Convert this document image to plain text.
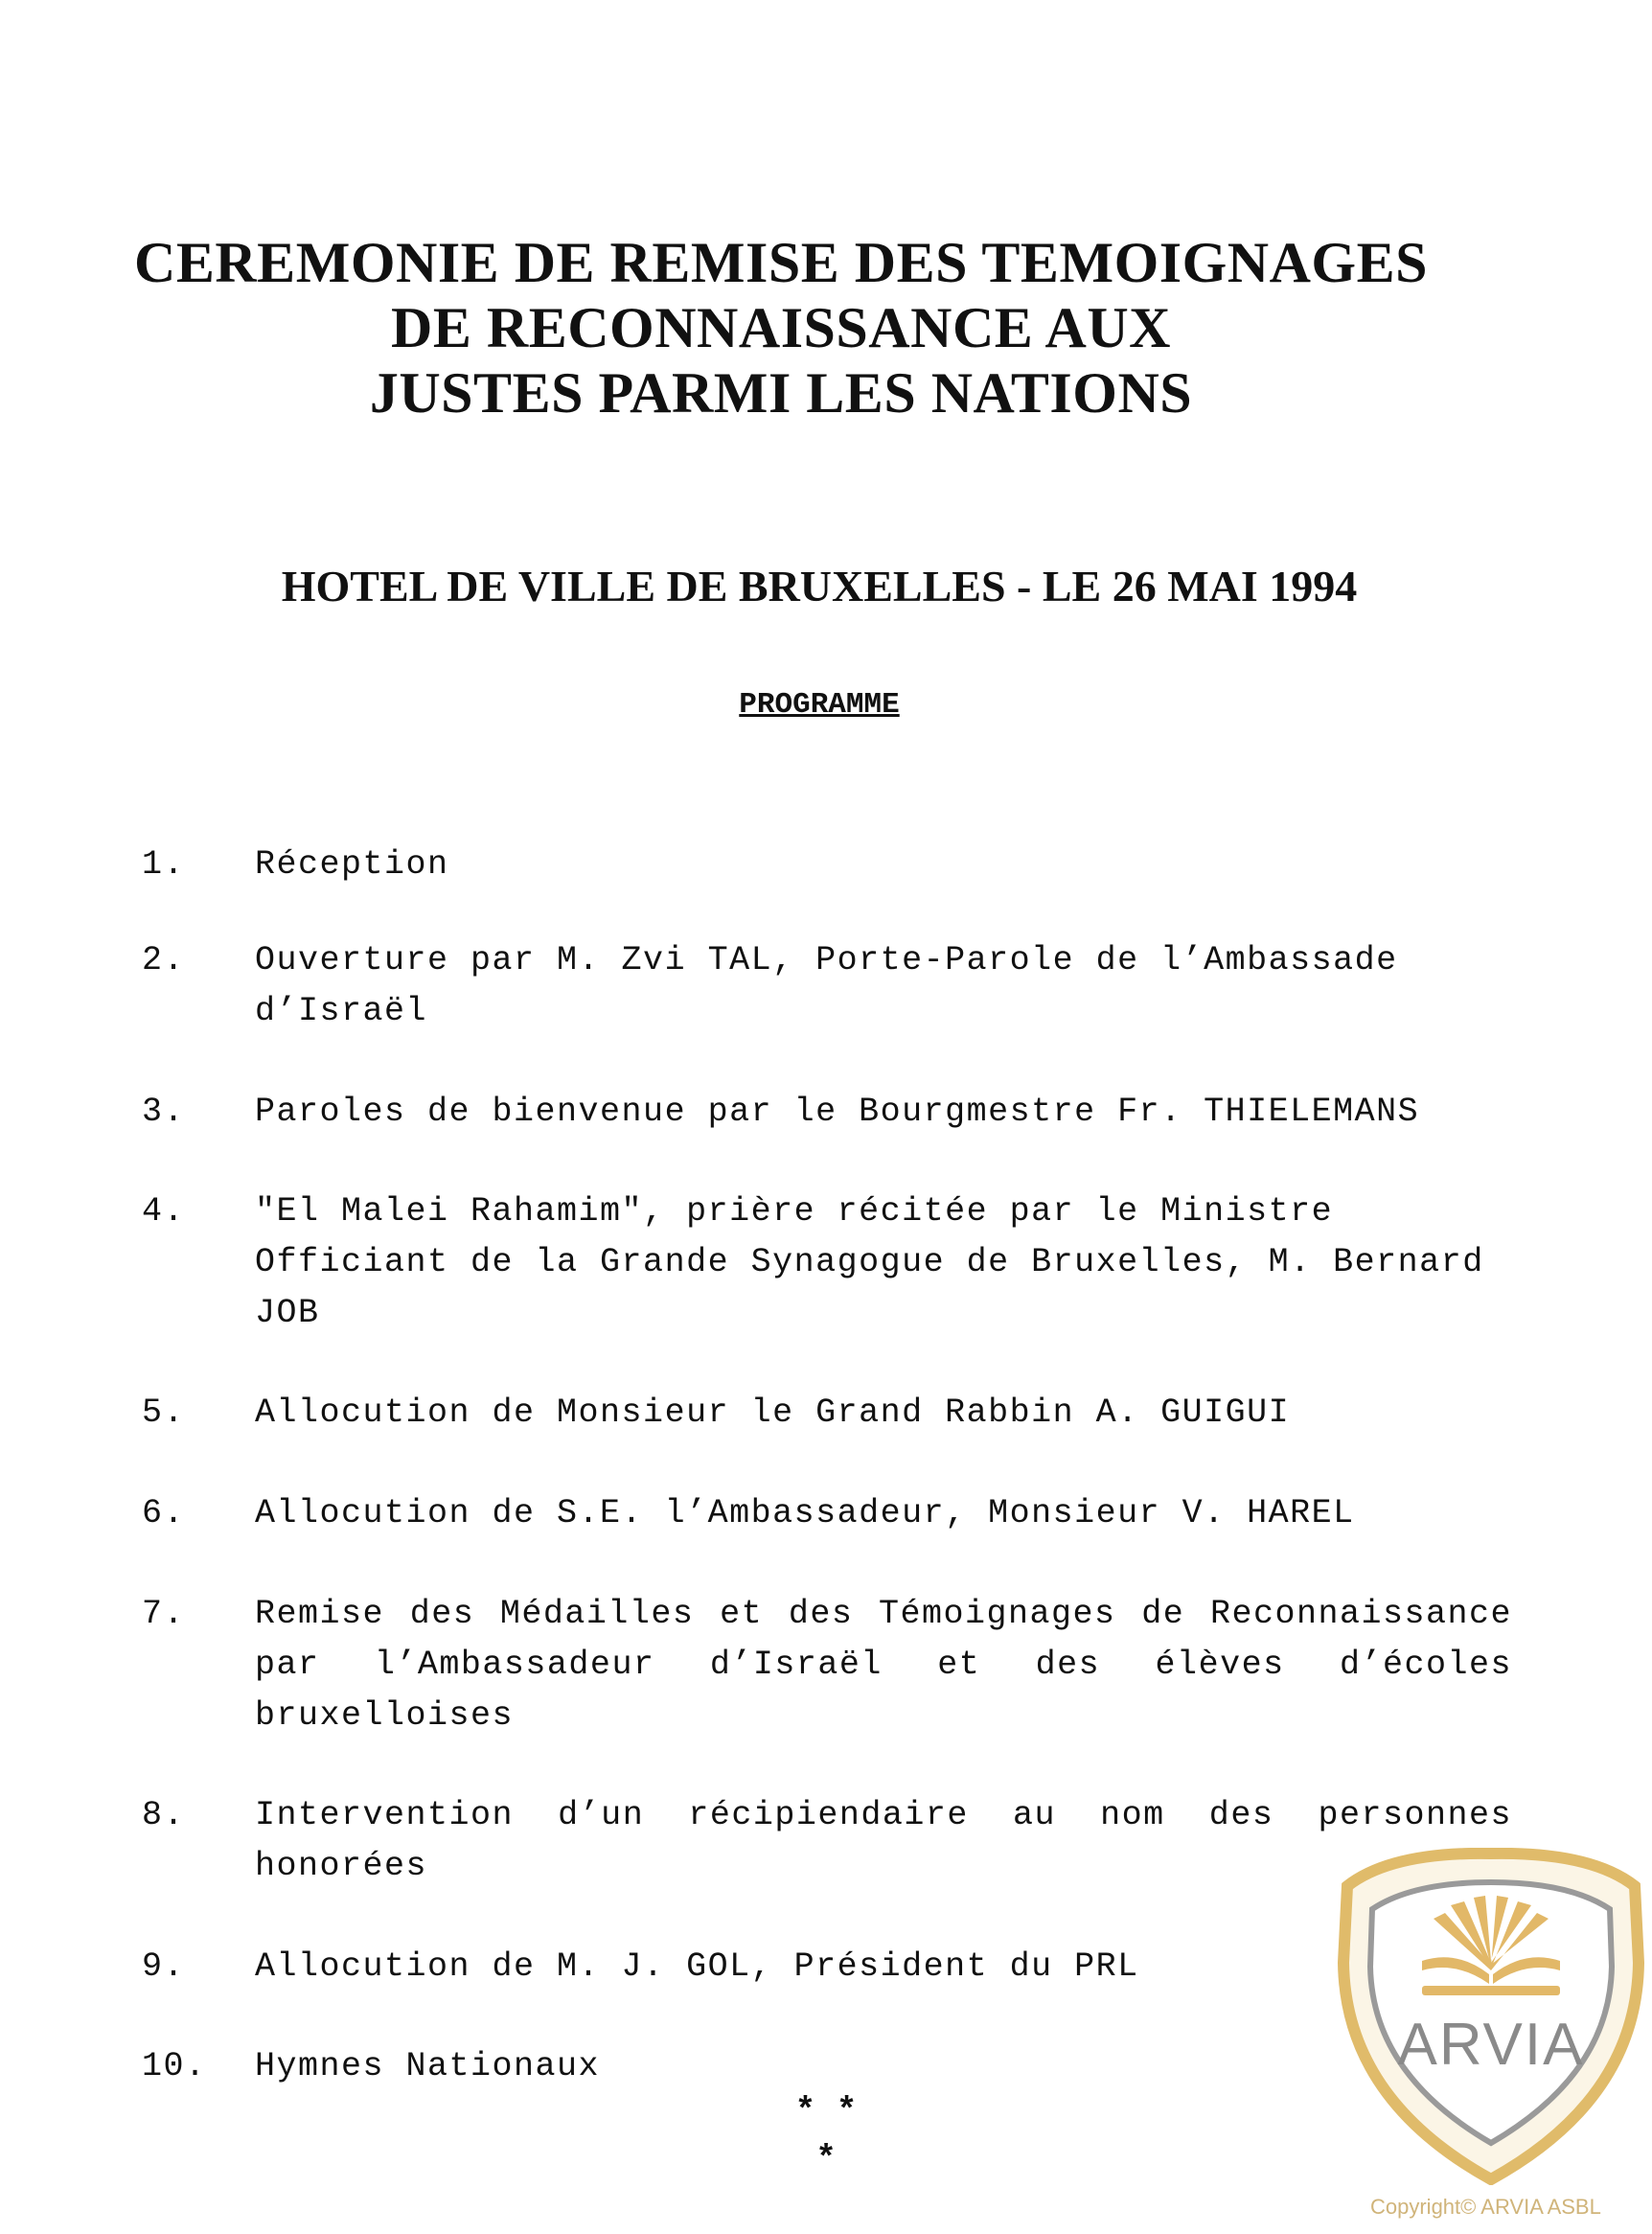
CEREMONIE DE REMISE DES TEMOIGNAGES
DE RECONNAISSANCE AUX
JUSTES PARMI LES NATIONS
HOTEL DE VILLE DE BRUXELLES - LE 26 MAI 1994
PROGRAMME
1. Réception
2. Ouverture par M. Zvi TAL, Porte-Parole de l’Ambassade d’Israël
3. Paroles de bienvenue par le Bourgmestre Fr. THIELEMANS
4. "El Malei Rahamim", prière récitée par le Ministre Officiant de la Grande Synagogue de Bruxelles, M. Bernard JOB
5. Allocution de Monsieur le Grand Rabbin A. GUIGUI
6. Allocution de S.E. l’Ambassadeur, Monsieur V. HAREL
7. Remise des Médailles et des Témoignages de Reconnaissance par l’Ambassadeur d’Israël et des élèves d’écoles bruxelloises
8. Intervention d’un récipiendaire au nom des personnes honorées
9. Allocution de M. J. GOL, Président du PRL
10. Hymnes Nationaux
* *
*
ARVIA
Copyright© ARVIA ASBL
